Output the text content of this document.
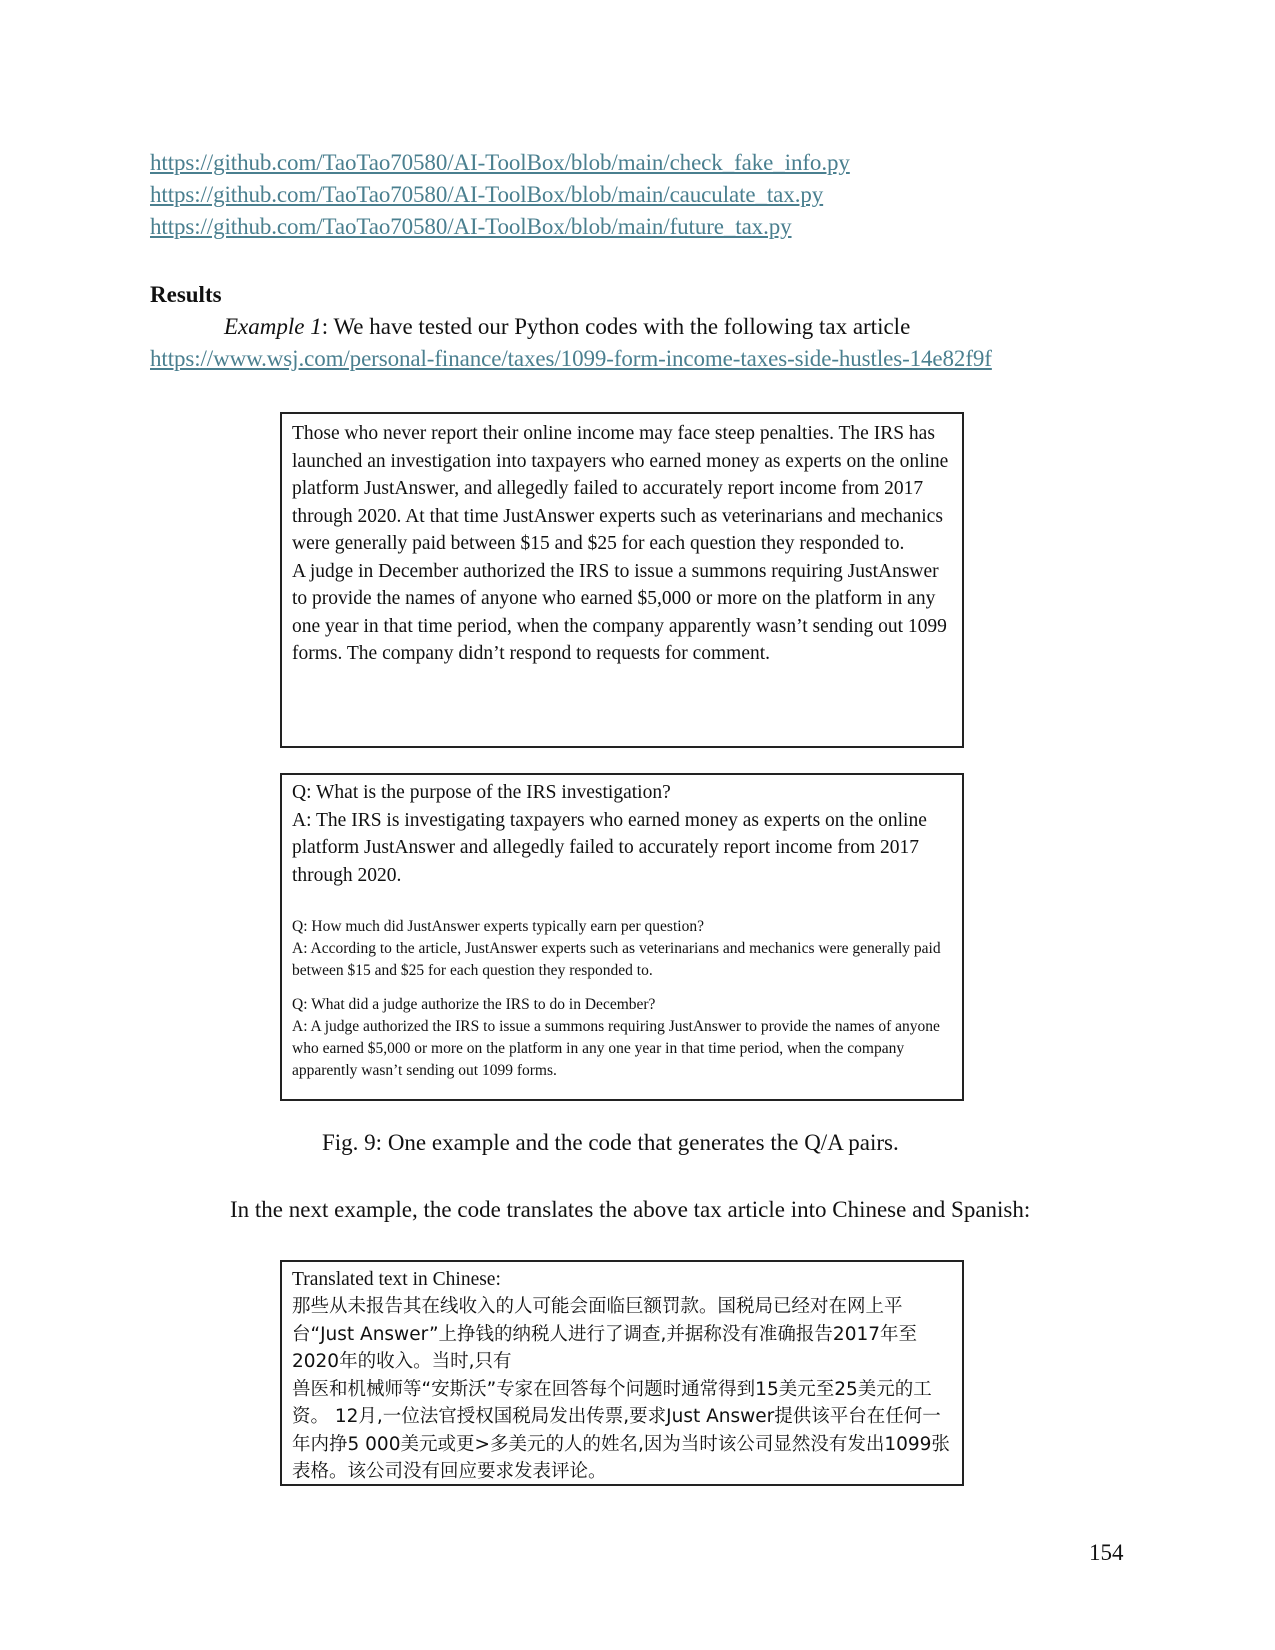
https://github.com/TaoTao70580/AI-ToolBox/blob/main/check_fake_info.py
https://github.com/TaoTao70580/AI-ToolBox/blob/main/cauculate_tax.py
https://github.com/TaoTao70580/AI-ToolBox/blob/main/future_tax.py
Results
Example 1: We have tested our Python codes with the following tax article
https://www.wsj.com/personal-finance/taxes/1099-form-income-taxes-side-hustles-14e82f9f

Those who never report their online income may face steep penalties. The IRS has launched an investigation into taxpayers who earned money as experts on the online platform JustAnswer, and allegedly failed to accurately report income from 2017 through 2020. At that time JustAnswer experts such as veterinarians and mechanics were generally paid between $15 and $25 for each question they responded to.

A judge in December authorized the IRS to issue a summons requiring JustAnswer to provide the names of anyone who earned $5,000 or more on the platform in any one year in that time period, when the company apparently wasn’t sending out 1099 forms. The company didn’t respond to requests for comment.

Q: What is the purpose of the IRS investigation?

A: The IRS is investigating taxpayers who earned money as experts on the online platform JustAnswer and allegedly failed to accurately report income from 2017 through 2020.

Q: How much did JustAnswer experts typically earn per question?

A: According to the article, JustAnswer experts such as veterinarians and mechanics were generally paid between $15 and $25 for each question they responded to.

Q: What did a judge authorize the IRS to do in December?

A: A judge authorized the IRS to issue a summons requiring JustAnswer to provide the names of anyone who earned $5,000 or more on the platform in any one year in that time period, when the company apparently wasn’t sending out 1099 forms.

Fig. 9: One example and the code that generates the Q/A pairs.
In the next example, the code translates the above tax article into Chinese and Spanish:

Translated text in Chinese:

那些从未报告其在线收入的人可能会面临巨额罚款。国税局已经对在网上平台“Just Answer”上挣钱的纳税人进行了调查,并据称没有准确报告2017年至2020年的收入。当时,只有

兽医和机械师等“安斯沃”专家在回答每个问题时通常得到15美元至25美元的工资。 12月,一位法官授权国税局发出传票,要求Just Answer提供该平台在任何一年内挣5 000美元或更>多美元的人的姓名,因为当时该公司显然没有发出1099张表格。该公司没有回应要求发表评论。

154
